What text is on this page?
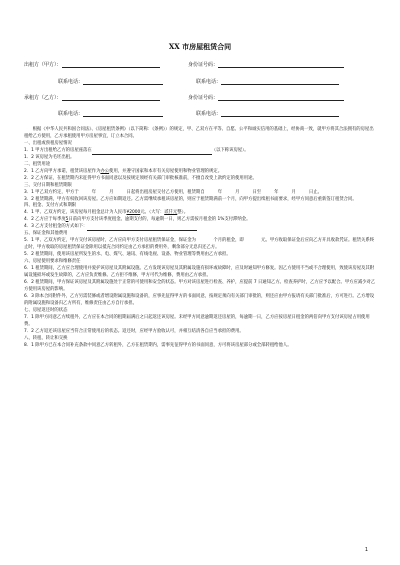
XX 市房屋租赁合同
出租方（甲方）：	身份证号码：
联系电话：	联系电话：
承租方（乙方）：	身份证号码：
联系电话：	联系电话：

　　根据《中华人民共和国合同法》、《房屋租赁条例》（以下简称：《条例》）的规定，甲、乙双方在平等、自愿、公平和诚实信用的基础上，经协商一致，就甲方将其合法拥有的房屋出租给乙方使用，乙方承租使用甲方房屋事宜，订立本合同。

一、出租或预租房屋情况

1．1 甲方出租给乙方的房屋座落在	（以下称该房屋）。

1．2 该房屋为毛坯出租。

二、租赁用途

2．1 乙方向甲方承诺，租赁该房屋作为办公使用，并遵守国家和本市有关房屋使用和物业管理的规定。

2．2 乙方保证，在租赁期内未征得甲方书面同意以及按规定须经有关部门审批核准前，不擅自改变上款约定的使用用途。

三、交付日期和租赁期限

3．1 甲乙双方约定，甲方于　　　年　　　月　　　日起将出租房屋交付乙方使用，租赁期自　　　年　　　月　　　日至　　　年　　　月　　　日止。

3．2 租赁期满，甲方有权收回该房屋。乙方应如期返还。乙方需继续承租该房屋的，则应于租赁期满前一个月，向甲方提出续租书面要求，经甲方同意后重新签订租赁合同。

四、租金、支付方式和期限

4．1 甲、乙双方约定，该房屋每月租金总计为人民币¥2000元。（大写：贰仟元整）。

4．2 乙方应于每季度5日前向甲方支付该季度租金。逾期支付的，每逾期一日，则乙方需按月租金的 1%支付滞纳金。

4．3 乙方支付租金的方式如下：

五、保证金和其他费用

5．1 甲、乙双方约定，甲方交付该房屋时，乙方应向甲方支付房屋租赁保证金，保证金为　　　　个月的租金，即　　　　元。甲方收取保证金后应向乙方开具收款凭证。租赁关系终止时，甲方收取的房屋租赁保证金除用以抵充合同约定由乙方承担的费用外，剩余部分无息归还乙方。

5．2 租赁期间，使用该房屋所发生的水、电、煤气、通讯、有线电视、设备、物业管理等费用由乙方承担。

六、房屋使用要求和维修责任

6．1 租赁期间，乙方应合理使用并爱护该房屋及其附属设施。乙方发现该房屋及其附属设施有损坏或故障时，应及时通知甲方修复。因乙方使用不当或不合理使用，致使该房屋及其附属设施损坏或发生故障的，乙方应负责维修。乙方拒不维修，甲方可代为维修，费用由乙方承担。

6．2 租赁期间，甲方保证该房屋及其附属设施处于正常的可使用和安全的状态。甲方对该房屋进行检查、养护，应提前 7 日通知乙方。检查养护时，乙方应予以配合。甲方应减少对乙方使用该房屋的影响。

6．3 除本合同附件外，乙方另需装修或者增设附属设施和设备的，应事先征得甲方的书面同意，按规定须向有关部门审批的，则还应由甲方报请有关部门批准后，方可进行。乙方增设的附属设施和设备归乙方所有，维修责任由乙方自行承担。

七、房屋返还时的状态

7．1 除甲方同意乙方续租外，乙方应在本合同的租期届满后之日起返还该房屋。未经甲方同意逾期返还房屋的，每逾期一日，乙方应按房屋日租金的两倍向甲方支付该房屋占用使用费。

7．2 乙方返还该房屋应当符合正常使用后的状态。返还时，应经甲方验收认可，并相互结清各自应当承担的费用。

八、转租、转让和交换

8．1 除甲方已在本合同补充条款中同意乙方转租外，乙方在租赁期内，需事先征得甲方的书面同意，方可将该房屋部分或全部转租给他人。

1
